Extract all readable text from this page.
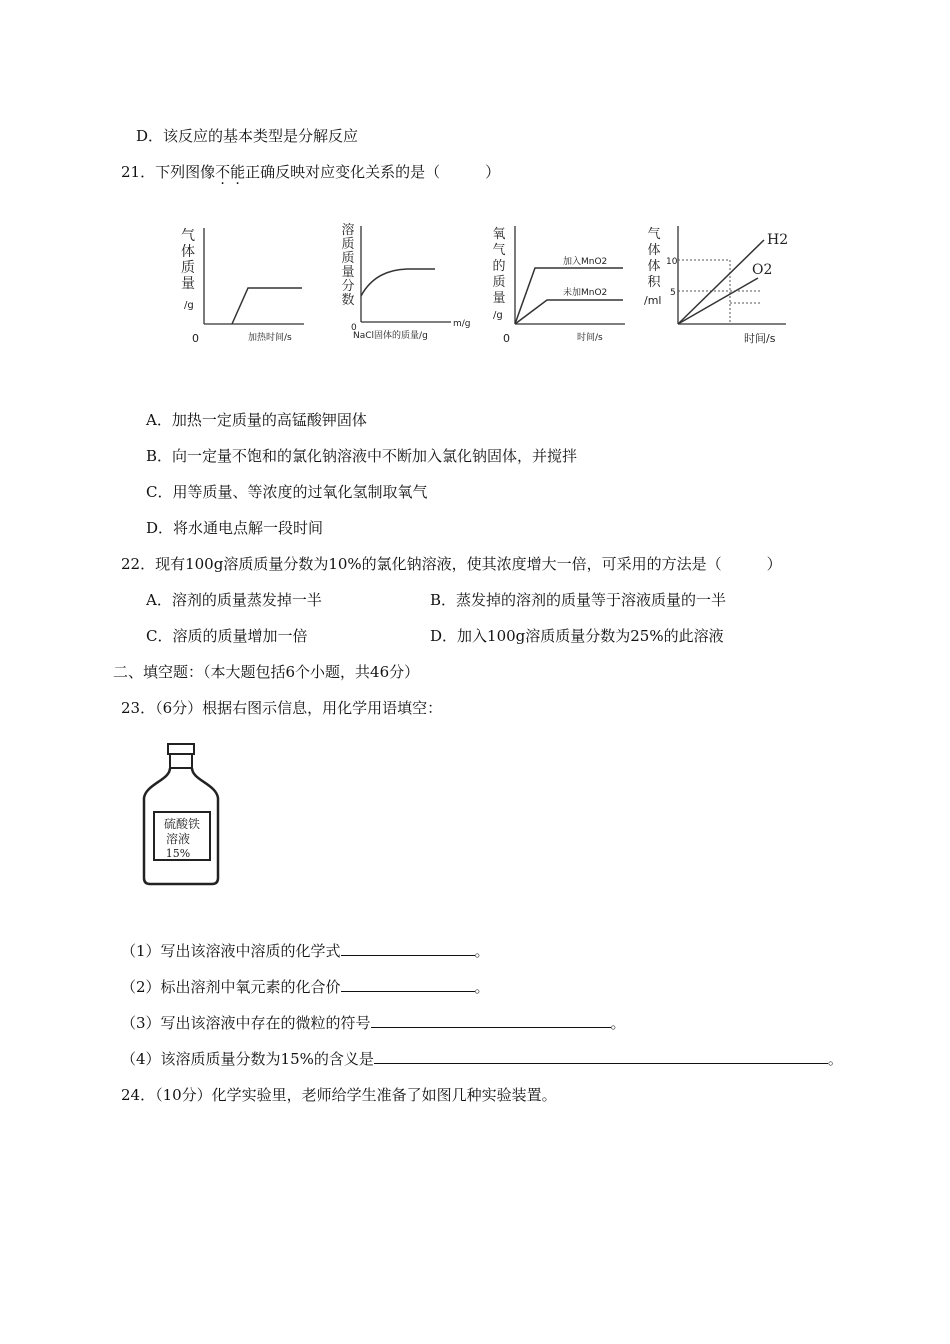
D．该反应的基本类型是分解反应
21．下列图像不能正确反映对应变化关系的是（　　　）
气
体
质
量
/g
0	加热时间/s
溶
质
质
量
分
数
0	m/g
NaCl固体的质量/g
氧
气
的
质
量
/g
加入MnO2
未加MnO2
0	时间/s
气
体
体
积
/ml
10
5
H2
O2
时间/s
A．加热一定质量的高锰酸钾固体
B．向一定量不饱和的氯化钠溶液中不断加入氯化钠固体，并搅拌
C．用等质量、等浓度的过氧化氢制取氧气
D．将水通电点解一段时间
22．现有100g溶质质量分数为10%的氯化钠溶液，使其浓度增大一倍，可采用的方法是（　　　）
A．溶剂的质量蒸发掉一半	B．蒸发掉的溶剂的质量等于溶液质量的一半
C．溶质的质量增加一倍	D．加入100g溶质质量分数为25%的此溶液
二、填空题：（本大题包括6个小题，共46分）
23．（6分）根据右图示信息，用化学用语填空：
硫酸铁
溶液
15%
（1）写出该溶液中溶质的化学式	。
（2）标出溶剂中氧元素的化合价	。
（3）写出该溶液中存在的微粒的符号	。
（4）该溶质质量分数为15%的含义是	。
24．（10分）化学实验里，老师给学生准备了如图几种实验装置。
